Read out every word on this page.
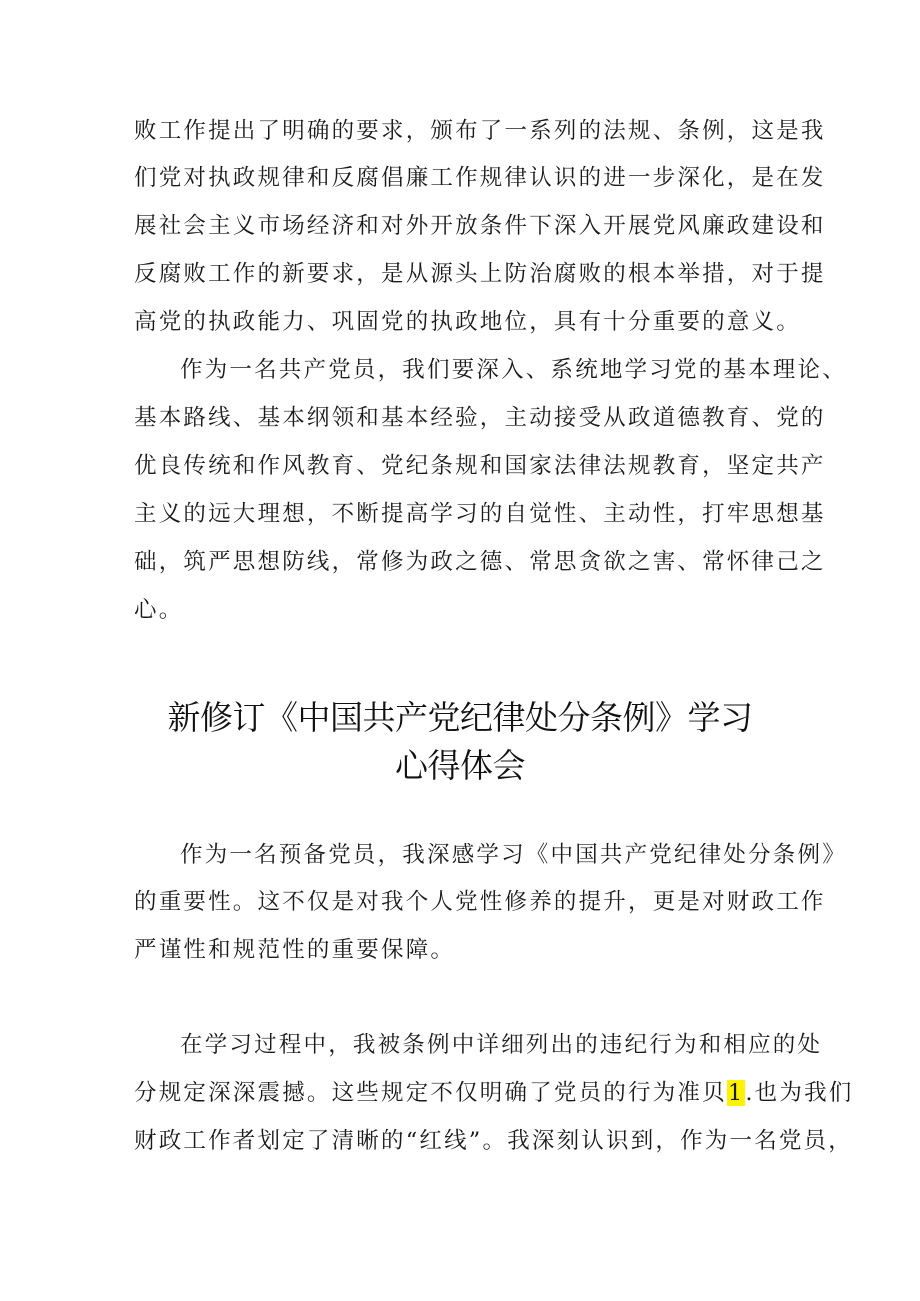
败工作提出了明确的要求，颁布了一系列的法规、条例，这是我
们党对执政规律和反腐倡廉工作规律认识的进一步深化，是在发
展社会主义市场经济和对外开放条件下深入开展党风廉政建设和
反腐败工作的新要求，是从源头上防治腐败的根本举措，对于提
高党的执政能力、巩固党的执政地位，具有十分重要的意义。
作为一名共产党员，我们要深入、系统地学习党的基本理论、
基本路线、基本纲领和基本经验，主动接受从政道德教育、党的
优良传统和作风教育、党纪条规和国家法律法规教育，坚定共产
主义的远大理想，不断提高学习的自觉性、主动性，打牢思想基
础，筑严思想防线，常修为政之德、常思贪欲之害、常怀律己之
心。
新修订《中国共产党纪律处分条例》学习
心得体会
作为一名预备党员，我深感学习《中国共产党纪律处分条例》
的重要性。这不仅是对我个人党性修养的提升，更是对财政工作
严谨性和规范性的重要保障。
在学习过程中，我被条例中详细列出的违纪行为和相应的处
分规定深深震撼。这些规定不仅明确了党员的行为准贝1.也为我们
财政工作者划定了清晰的“红线”。我深刻认识到，作为一名党员，
